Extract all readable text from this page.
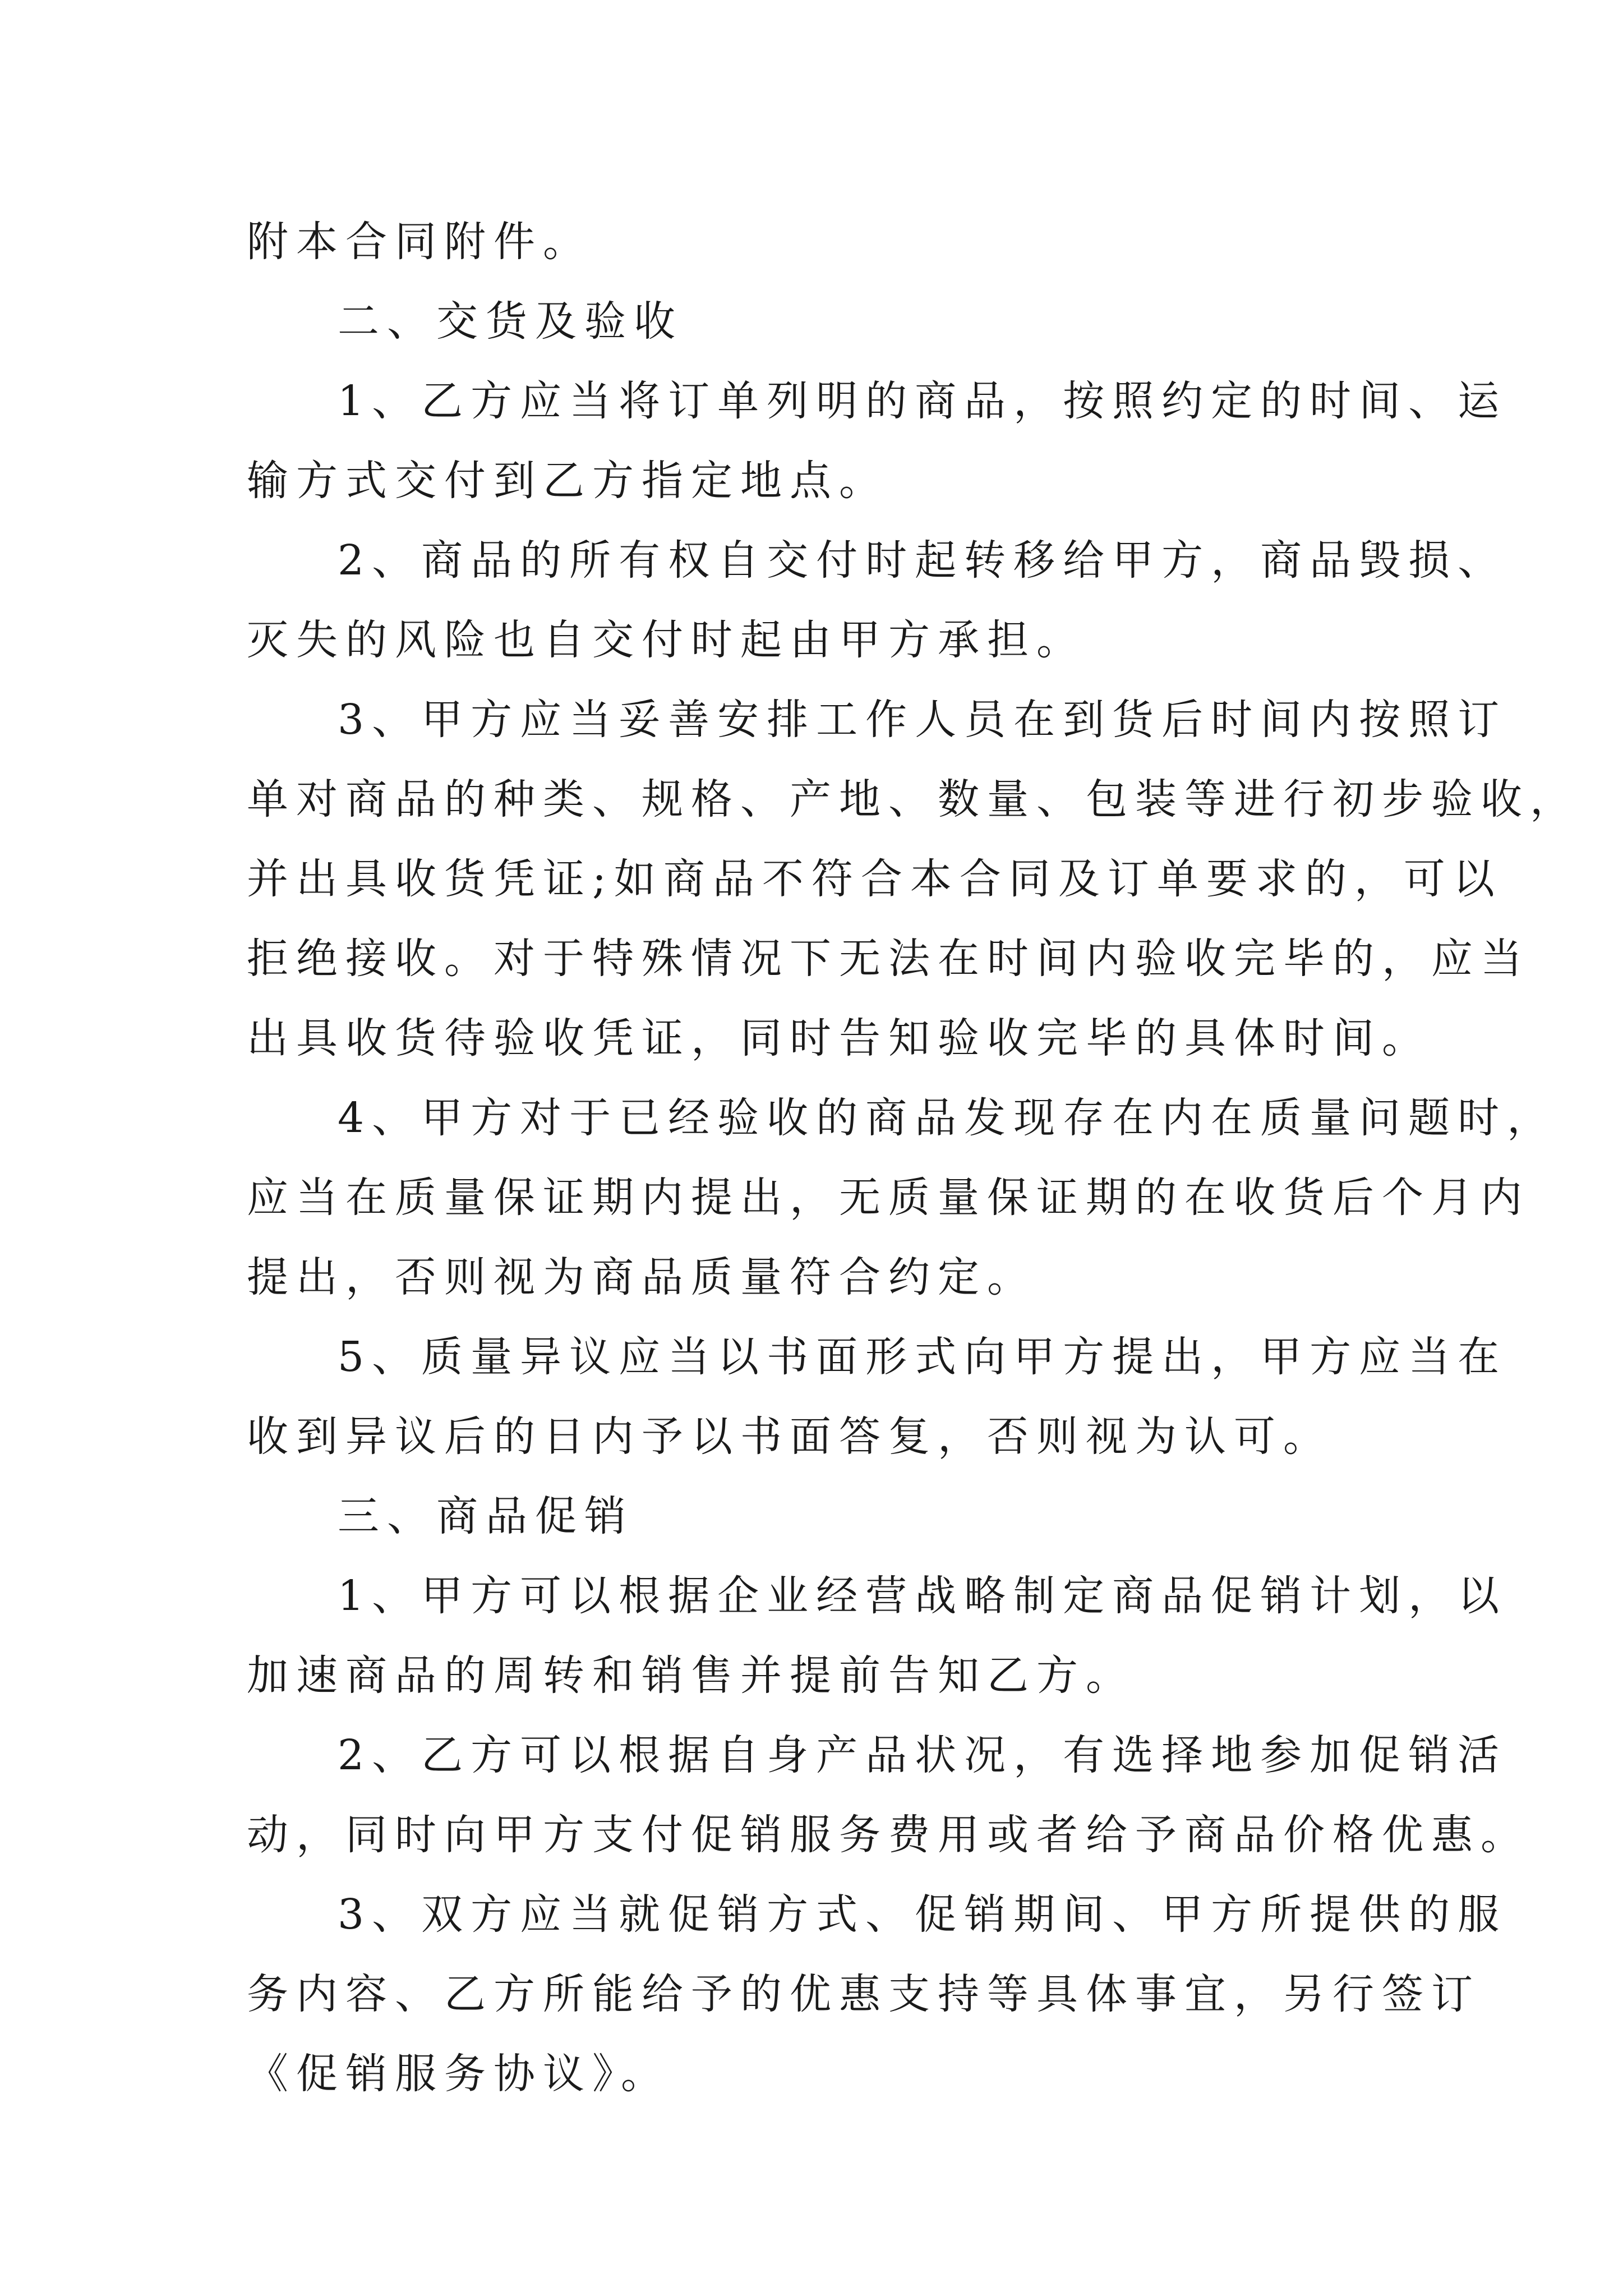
附本合同附件。
二、交货及验收
1、乙方应当将订单列明的商品，按照约定的时间、运
输方式交付到乙方指定地点。
2、商品的所有权自交付时起转移给甲方，商品毁损、
灭失的风险也自交付时起由甲方承担。
3、甲方应当妥善安排工作人员在到货后时间内按照订
单对商品的种类、规格、产地、数量、包装等进行初步验收，
并出具收货凭证;如商品不符合本合同及订单要求的，可以
拒绝接收。对于特殊情况下无法在时间内验收完毕的，应当
出具收货待验收凭证，同时告知验收完毕的具体时间。
4、甲方对于已经验收的商品发现存在内在质量问题时，
应当在质量保证期内提出，无质量保证期的在收货后个月内
提出，否则视为商品质量符合约定。
5、质量异议应当以书面形式向甲方提出，甲方应当在
收到异议后的日内予以书面答复，否则视为认可。
三、商品促销
1、甲方可以根据企业经营战略制定商品促销计划，以
加速商品的周转和销售并提前告知乙方。
2、乙方可以根据自身产品状况，有选择地参加促销活
动，同时向甲方支付促销服务费用或者给予商品价格优惠。
3、双方应当就促销方式、促销期间、甲方所提供的服
务内容、乙方所能给予的优惠支持等具体事宜，另行签订
《促销服务协议》。
